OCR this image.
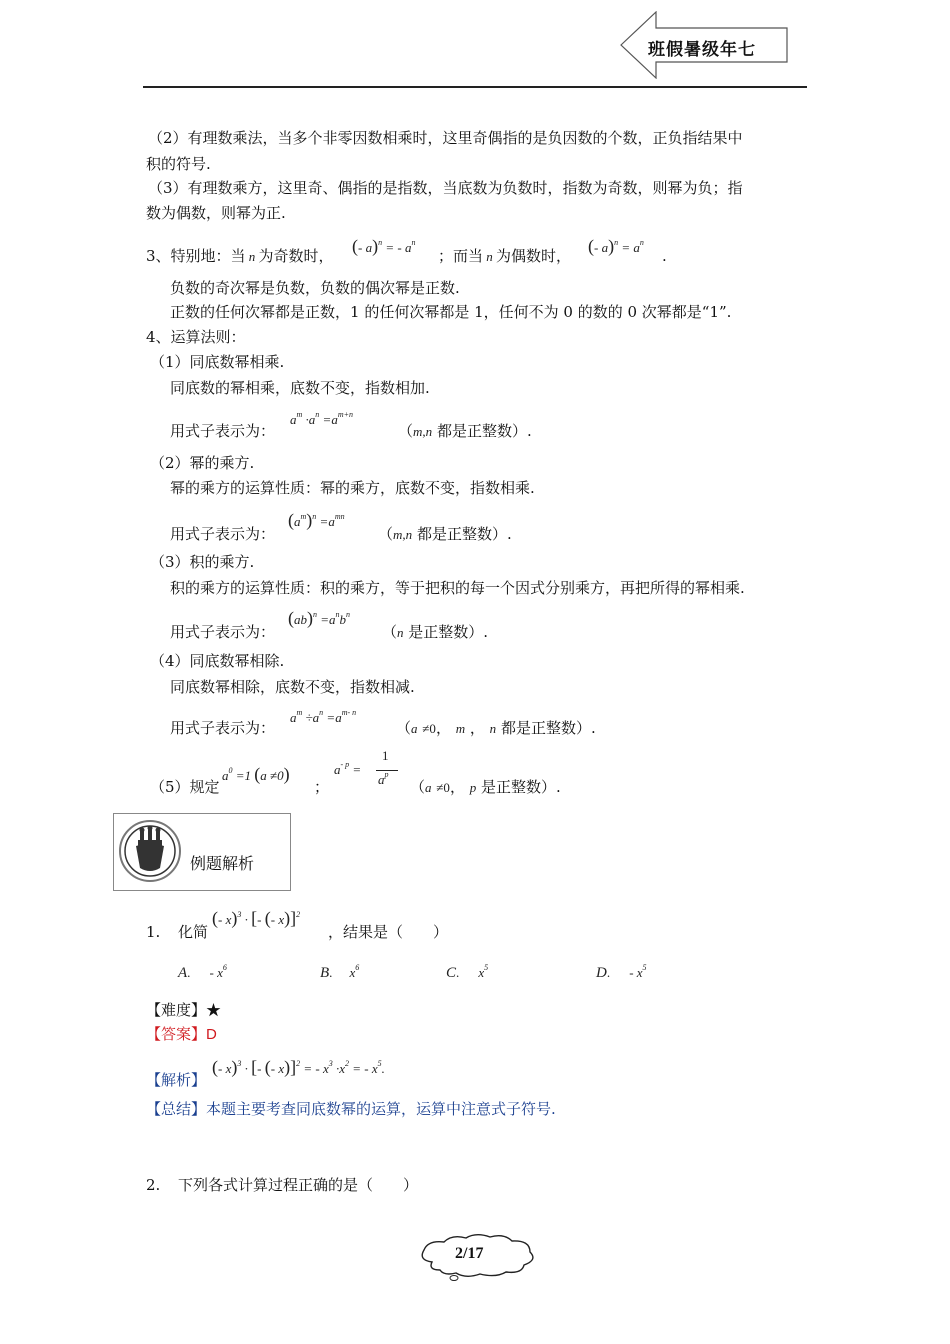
班假暑级年七
（2）有理数乘法，当多个非零因数相乘时，这里奇偶指的是负因数的个数，正负指结果中
积的符号.
（3）有理数乘方，这里奇、偶指的是指数，当底数为负数时，指数为奇数，则幂为负；指
数为偶数，则幂为正.
3、特别地：当 n 为奇数时， (- a)$^n$ = - $a^n$
；而当 n 为偶数时， (- $a)^n = a^n$
.
负数的奇次幂是负数，负数的偶次幂是正数.
正数的任何次幂都是正数，1 的任何次幂都是 1，任何不为 0 的数的 0 次幂都是“1”.
4、运算法则：
（1）同底数幂相乘.
同底数的幂相乘，底数不变，指数相加.
用式子表示为：
$a^m \cdot a^n =a^{m+n}$
（m,n 都是正整数）.
（2）幂的乘方.
幂的乘方的运算性质：幂的乘方，底数不变，指数相乘.
用式子表示为：
$(a^m)^n =a^{mn}$
（m,n 都是正整数）.
（3）积的乘方.
积的乘方的运算性质：积的乘方，等于把积的每一个因式分别乘方，再把所得的幂相乘.
用式子表示为：
$(ab)^n =a^nb^n$
（n 是正整数）.
（4）同底数幂相除.
同底数幂相除，底数不变，指数相减.
用式子表示为：
$a^m \div a^n =a^{m- n}$
（a ≠0， m ， n 都是正整数）.
（5）规定
$a^0 =1$ (a ≠0)
；
$a^{- p}$ =
1
$a^p$
（a ≠0， p 是正整数）.
例题解析
1. 化简
(- x)$^3$ · [- (- x)]$^2$
，结果是（　　）
A. - $x^6$	B. $x^6$	C. $x^5$	D. - $x^5$
【难度】★
【答案】D
【解析】
(- x)$^3$ · [- (- x)]$^2$ = - $x^3 \cdot x^2$ = - $x^5$.
【总结】本题主要考查同底数幂的运算，运算中注意式子符号.
2. 下列各式计算过程正确的是（　　）
2/17
